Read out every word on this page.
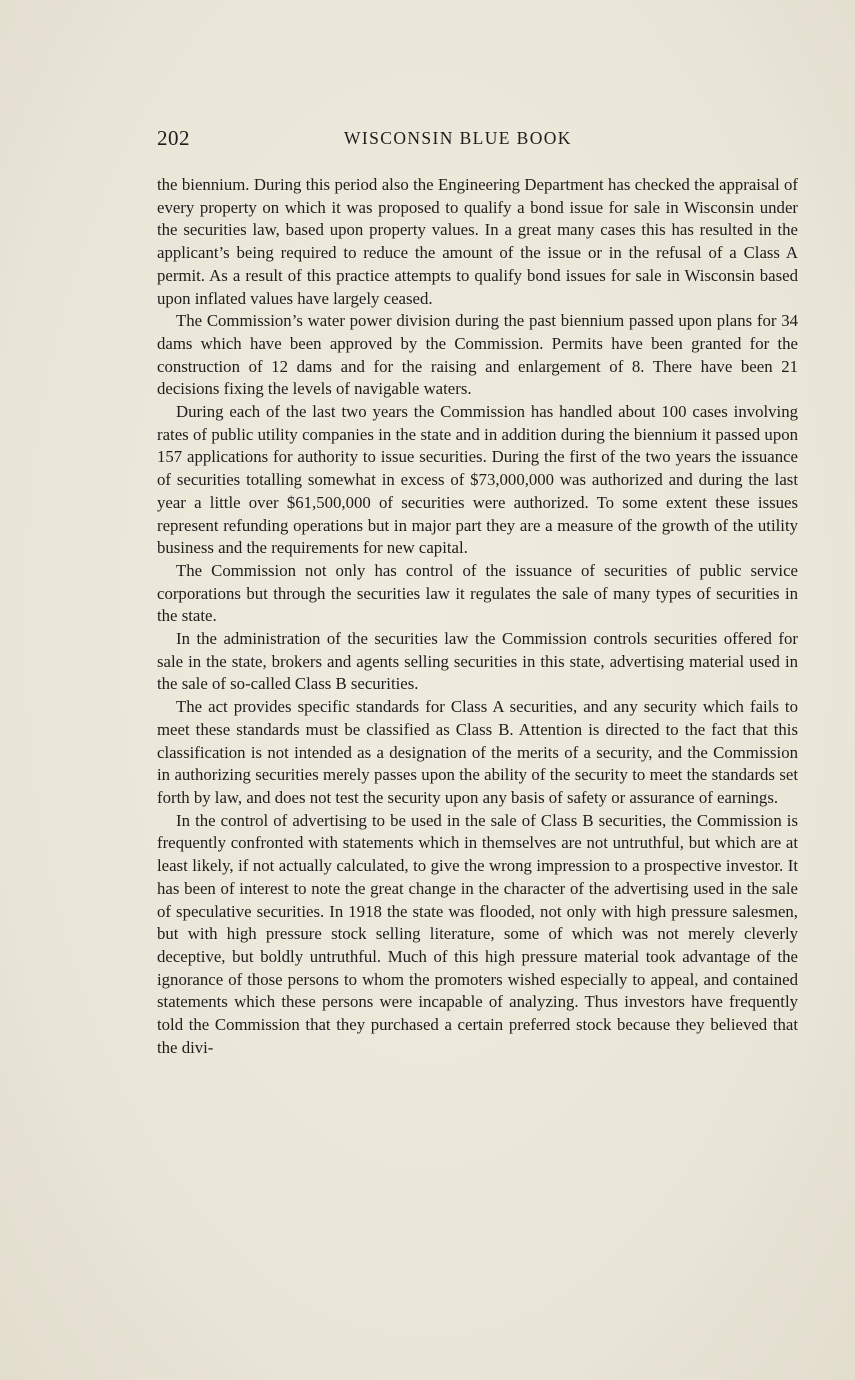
202	WISCONSIN BLUE BOOK

the biennium. During this period also the Engineering Department has checked the appraisal of every property on which it was proposed to qualify a bond issue for sale in Wisconsin under the securities law, based upon property values. In a great many cases this has resulted in the applicant’s being required to reduce the amount of the issue or in the refusal of a Class A permit. As a result of this practice attempts to qualify bond issues for sale in Wisconsin based upon inflated values have largely ceased.

The Commission’s water power division during the past biennium passed upon plans for 34 dams which have been approved by the Commission. Permits have been granted for the construction of 12 dams and for the raising and enlargement of 8. There have been 21 decisions fixing the levels of navigable waters.

During each of the last two years the Commission has handled about 100 cases involving rates of public utility companies in the state and in addition during the biennium it passed upon 157 applications for authority to issue securities. During the first of the two years the issuance of securities totalling somewhat in excess of $73,000,000 was authorized and during the last year a little over $61,500,000 of securities were authorized. To some extent these issues represent refunding operations but in major part they are a measure of the growth of the utility business and the requirements for new capital.

The Commission not only has control of the issuance of securities of public service corporations but through the securities law it regulates the sale of many types of securities in the state.

In the administration of the securities law the Commission controls securities offered for sale in the state, brokers and agents selling securities in this state, advertising material used in the sale of so-called Class B securities.

The act provides specific standards for Class A securities, and any security which fails to meet these standards must be classified as Class B. Attention is directed to the fact that this classification is not intended as a designation of the merits of a security, and the Commission in authorizing securities merely passes upon the ability of the security to meet the standards set forth by law, and does not test the security upon any basis of safety or assurance of earnings.

In the control of advertising to be used in the sale of Class B securities, the Commission is frequently confronted with statements which in themselves are not untruthful, but which are at least likely, if not actually calculated, to give the wrong impression to a prospective investor. It has been of interest to note the great change in the character of the advertising used in the sale of speculative securities. In 1918 the state was flooded, not only with high pressure salesmen, but with high pressure stock selling literature, some of which was not merely cleverly deceptive, but boldly untruthful. Much of this high pressure material took advantage of the ignorance of those persons to whom the promoters wished especially to appeal, and contained statements which these persons were incapable of analyzing. Thus investors have frequently told the Commission that they purchased a certain preferred stock because they believed that the divi-
